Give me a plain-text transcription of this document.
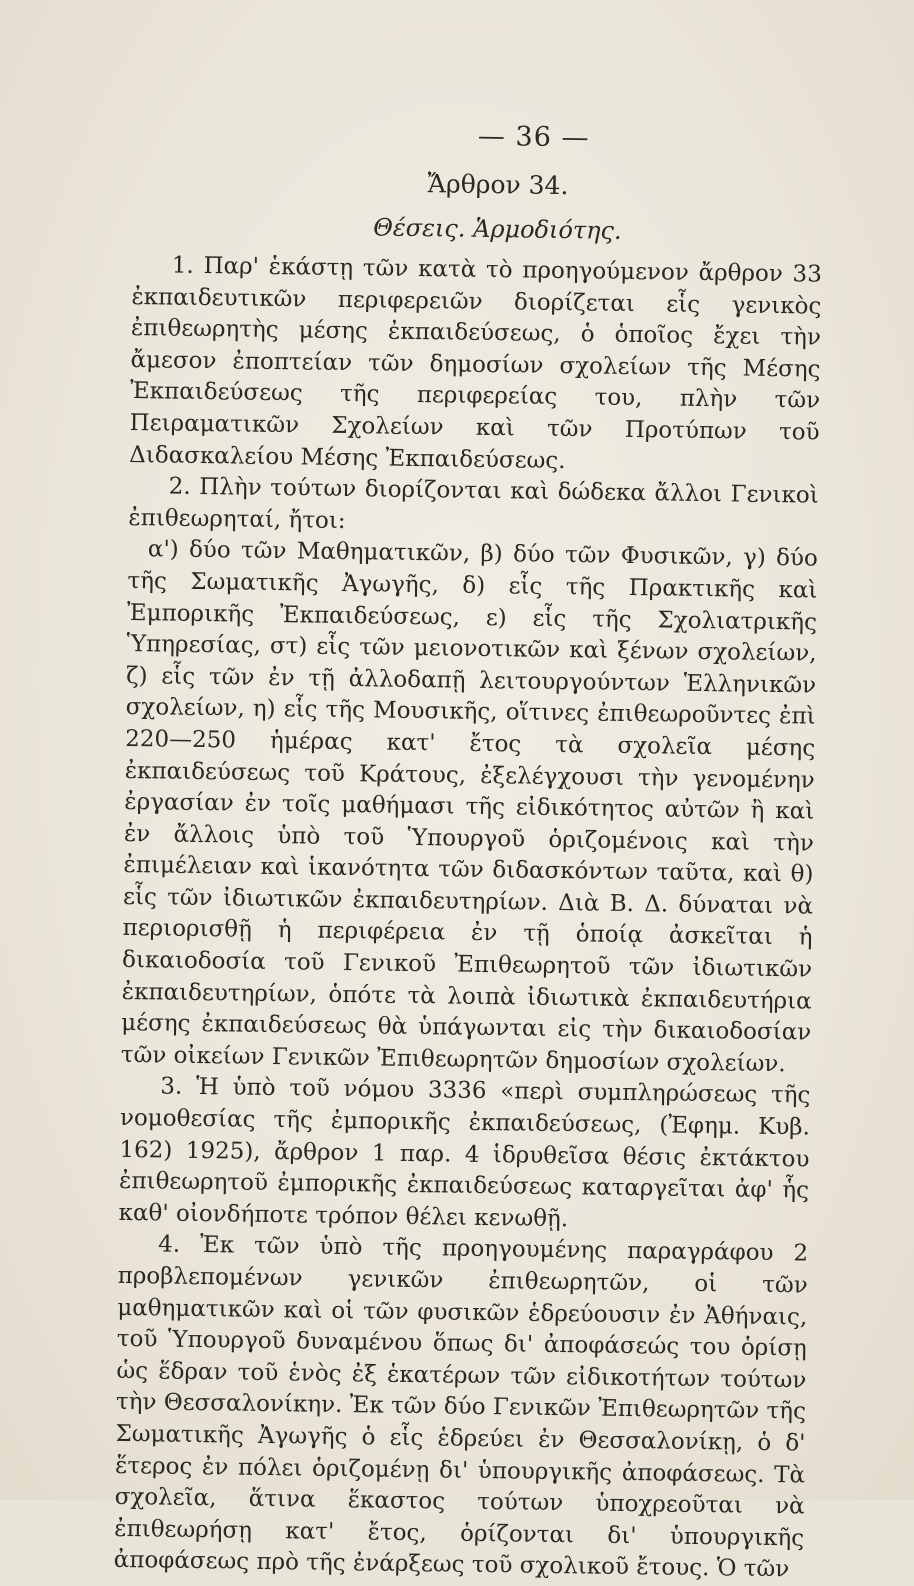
— 36 —
Ἄρθρον 34.
Θέσεις. Ἁρμοδιότης.

1. Παρ' ἑκάστῃ τῶν κατὰ τὸ προηγούμενον ἄρθρον 33 ἐκπαιδευτικῶν περιφερειῶν διορίζεται εἷς γενικὸς ἐπιθεωρητὴς μέσης ἐκπαιδεύσεως, ὁ ὁποῖος ἔχει τὴν ἄμεσον ἐποπτείαν τῶν δημοσίων σχολείων τῆς Μέσης Ἐκπαιδεύσεως τῆς περιφερείας του, πλὴν τῶν Πειραματικῶν Σχολείων καὶ τῶν Προτύπων τοῦ Διδασκαλείου Μέσης Ἐκπαιδεύσεως.

2. Πλὴν τούτων διορίζονται καὶ δώδεκα ἄλλοι Γενικοὶ ἐπιθεωρηταί, ἤτοι:

α') δύο τῶν Μαθηματικῶν, β) δύο τῶν Φυσικῶν, γ) δύο τῆς Σωματικῆς Ἀγωγῆς, δ) εἷς τῆς Πρακτικῆς καὶ Ἐμπορικῆς Ἐκπαιδεύσεως, ε) εἷς τῆς Σχολιατρικῆς Ὑπηρεσίας, στ) εἷς τῶν μειονοτικῶν καὶ ξένων σχολείων, ζ) εἷς τῶν ἐν τῇ ἀλλοδαπῇ λειτουργούντων Ἑλληνικῶν σχολείων, η) εἷς τῆς Μουσικῆς, οἵτινες ἐπιθεωροῦντες ἐπὶ 220—250 ἡμέρας κατ' ἔτος τὰ σχολεῖα μέσης ἐκπαιδεύσεως τοῦ Κράτους, ἐξελέγχουσι τὴν γενομένην ἐργασίαν ἐν τοῖς μαθήμασι τῆς εἰδικότητος αὐτῶν ἢ καὶ ἐν ἄλλοις ὑπὸ τοῦ Ὑπουργοῦ ὁριζομένοις καὶ τὴν ἐπιμέλειαν καὶ ἱκανότητα τῶν διδασκόντων ταῦτα, καὶ θ) εἷς τῶν ἰδιωτικῶν ἐκπαιδευτηρίων. Διὰ Β. Δ. δύναται νὰ περιορισθῇ ἡ περιφέρεια ἐν τῇ ὁποίᾳ ἀσκεῖται ἡ δικαιοδοσία τοῦ Γενικοῦ Ἐπιθεωρητοῦ τῶν ἰδιωτικῶν ἐκπαιδευτηρίων, ὁπότε τὰ λοιπὰ ἰδιωτικὰ ἐκπαιδευτήρια μέσης ἐκπαιδεύσεως θὰ ὑπάγωνται εἰς τὴν δικαιοδοσίαν τῶν οἰκείων Γενικῶν Ἐπιθεωρητῶν δημοσίων σχολείων.

3. Ἡ ὑπὸ τοῦ νόμου 3336 «περὶ συμπληρώσεως τῆς νομοθεσίας τῆς ἐμπορικῆς ἐκπαιδεύσεως, (Ἐφημ. Κυβ. 162) 1925), ἄρθρον 1 παρ. 4 ἱδρυθεῖσα θέσις ἐκτάκτου ἐπιθεωρητοῦ ἐμπορικῆς ἐκπαιδεύσεως καταργεῖται ἀφ' ἧς καθ' οἰονδήποτε τρόπον θέλει κενωθῇ.

4. Ἐκ τῶν ὑπὸ τῆς προηγουμένης παραγράφου 2 προβλεπομένων γενικῶν ἐπιθεωρητῶν, οἱ τῶν μαθηματικῶν καὶ οἱ τῶν φυσικῶν ἑδρεύουσιν ἐν Ἀθήναις, τοῦ Ὑπουργοῦ δυναμένου ὅπως δι' ἀποφάσεώς του ὁρίσῃ ὡς ἕδραν τοῦ ἑνὸς ἐξ ἑκατέρων τῶν εἰδικοτήτων τούτων τὴν Θεσσαλονίκην. Ἐκ τῶν δύο Γενικῶν Ἐπιθεωρητῶν τῆς Σωματικῆς Ἀγωγῆς ὁ εἷς ἑδρεύει ἐν Θεσσαλονίκῃ, ὁ δ' ἕτερος ἐν πόλει ὁριζομένῃ δι' ὑπουργικῆς ἀποφάσεως. Τὰ σχολεῖα, ἅτινα ἕκαστος τούτων ὑποχρεοῦται νὰ ἐπιθεωρήσῃ κατ' ἔτος, ὁρίζονται δι' ὑπουργικῆς ἀποφάσεως πρὸ τῆς ἐνάρξεως τοῦ σχολικοῦ ἔτους. Ὁ τῶν
